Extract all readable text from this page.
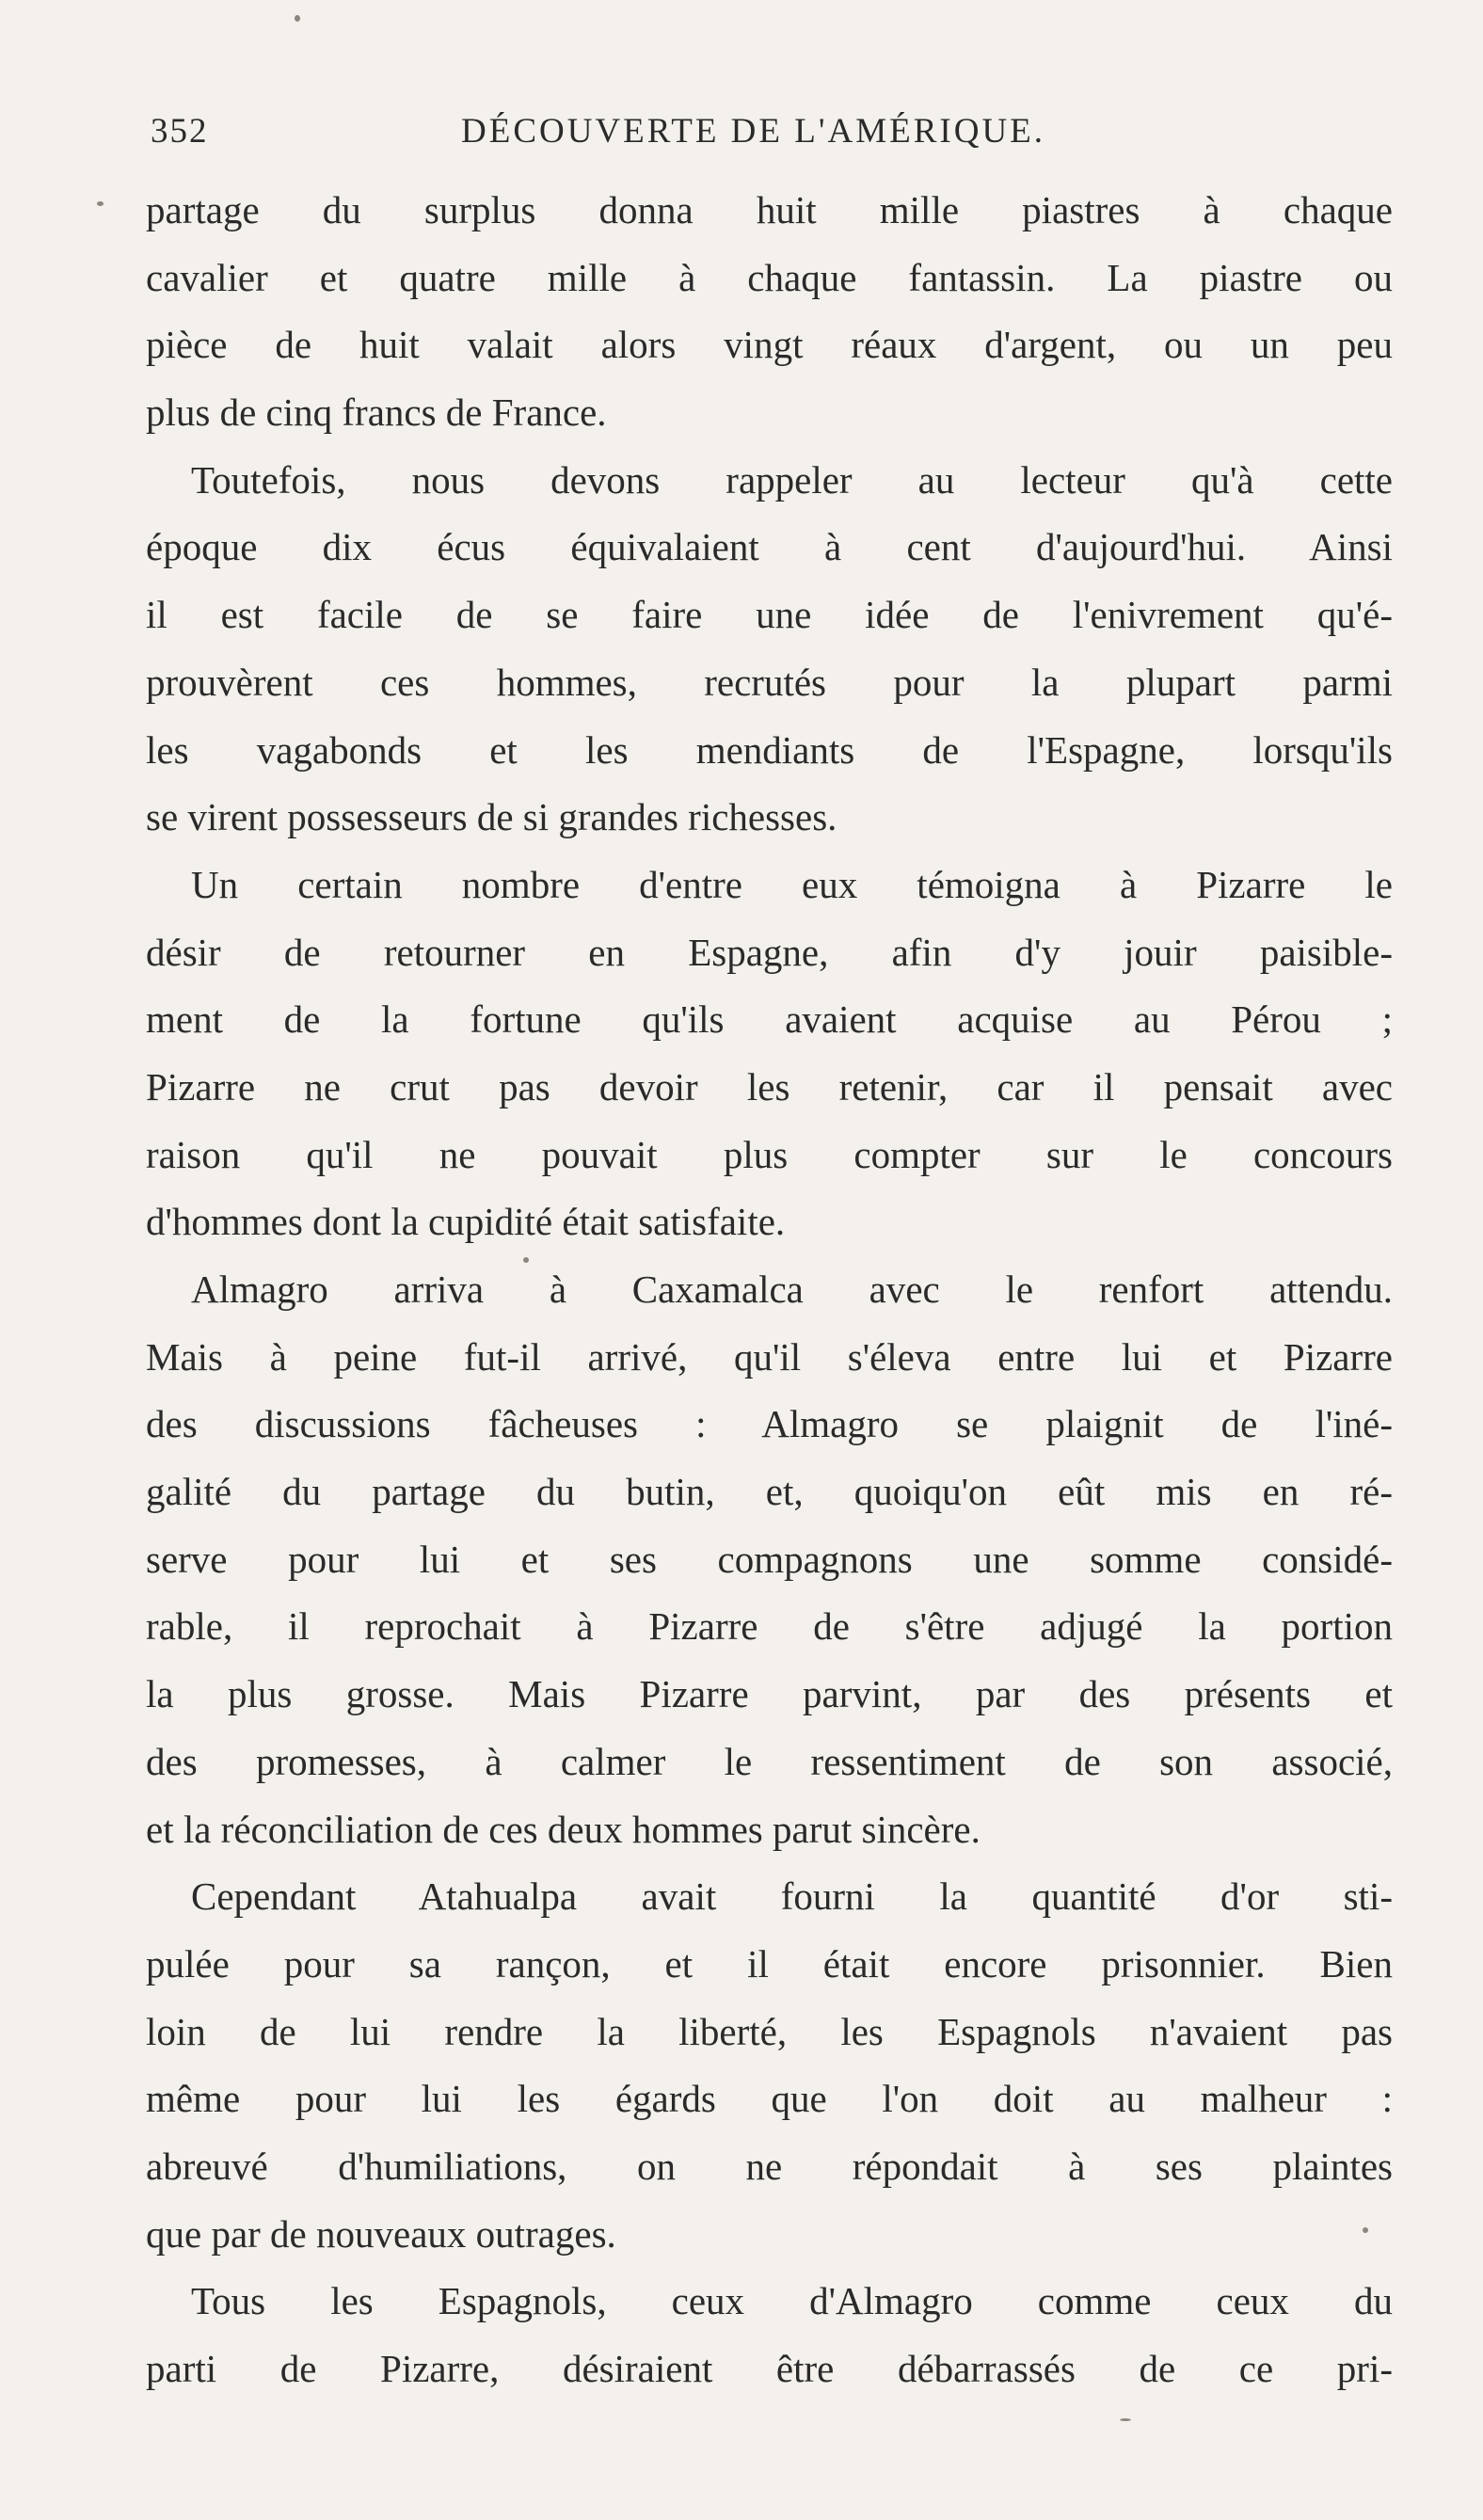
352	DÉCOUVERTE DE L'AMÉRIQUE.
partage du surplus donna huit mille piastres à chaque
cavalier et quatre mille à chaque fantassin. La piastre ou
pièce de huit valait alors vingt réaux d'argent, ou un peu
plus de cinq francs de France.
Toutefois, nous devons rappeler au lecteur qu'à cette
époque dix écus équivalaient à cent d'aujourd'hui. Ainsi
il est facile de se faire une idée de l'enivrement qu'é-
prouvèrent ces hommes, recrutés pour la plupart parmi
les vagabonds et les mendiants de l'Espagne, lorsqu'ils
se virent possesseurs de si grandes richesses.
Un certain nombre d'entre eux témoigna à Pizarre le
désir de retourner en Espagne, afin d'y jouir paisible-
ment de la fortune qu'ils avaient acquise au Pérou ;
Pizarre ne crut pas devoir les retenir, car il pensait avec
raison qu'il ne pouvait plus compter sur le concours
d'hommes dont la cupidité était satisfaite.
Almagro arriva à Caxamalca avec le renfort attendu.
Mais à peine fut-il arrivé, qu'il s'éleva entre lui et Pizarre
des discussions fâcheuses : Almagro se plaignit de l'iné-
galité du partage du butin, et, quoiqu'on eût mis en ré-
serve pour lui et ses compagnons une somme considé-
rable, il reprochait à Pizarre de s'être adjugé la portion
la plus grosse. Mais Pizarre parvint, par des présents et
des promesses, à calmer le ressentiment de son associé,
et la réconciliation de ces deux hommes parut sincère.
Cependant Atahualpa avait fourni la quantité d'or sti-
pulée pour sa rançon, et il était encore prisonnier. Bien
loin de lui rendre la liberté, les Espagnols n'avaient pas
même pour lui les égards que l'on doit au malheur :
abreuvé d'humiliations, on ne répondait à ses plaintes
que par de nouveaux outrages.
Tous les Espagnols, ceux d'Almagro comme ceux du
parti de Pizarre, désiraient être débarrassés de ce pri-
